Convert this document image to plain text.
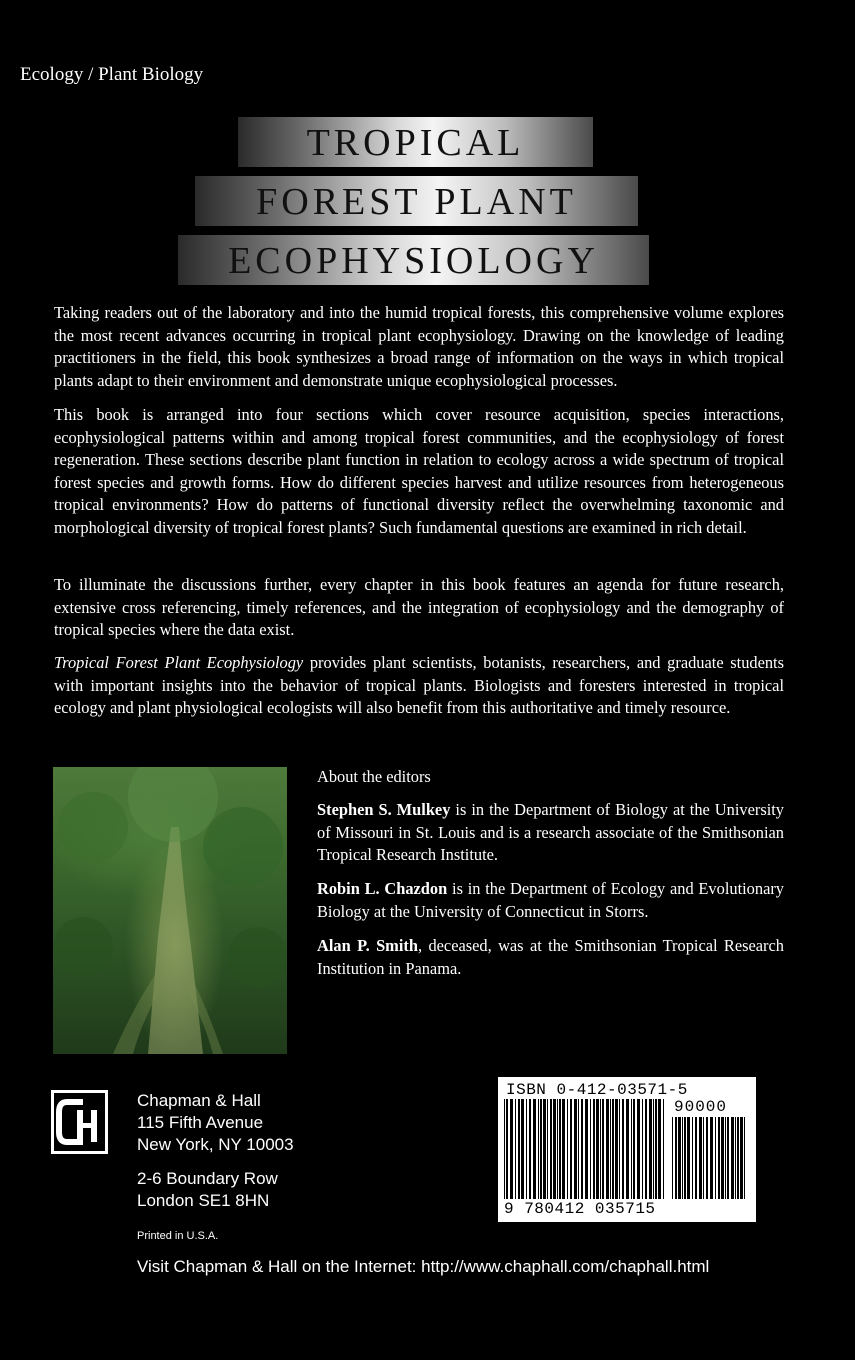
Ecology / Plant Biology
TROPICAL
FOREST PLANT
ECOPHYSIOLOGY

Taking readers out of the laboratory and into the humid tropical forests, this comprehensive volume explores the most recent advances occurring in tropical plant ecophysiology. Drawing on the knowledge of leading practitioners in the field, this book synthesizes a broad range of information on the ways in which tropical plants adapt to their environment and demonstrate unique ecophysiological processes.

This book is arranged into four sections which cover resource acquisition, species interactions, ecophysiological patterns within and among tropical forest communities, and the ecophysiology of forest regeneration. These sections describe plant function in relation to ecology across a wide spectrum of tropical forest species and growth forms. How do different species harvest and utilize resources from heterogeneous tropical environments? How do patterns of functional diversity reflect the overwhelming taxonomic and morphological diversity of tropical forest plants? Such fundamental questions are examined in rich detail.

To illuminate the discussions further, every chapter in this book features an agenda for future research, extensive cross referencing, timely references, and the integration of ecophysiology and the demography of tropical species where the data exist.

Tropical Forest Plant Ecophysiology provides plant scientists, botanists, researchers, and graduate students with important insights into the behavior of tropical plants. Biologists and foresters interested in tropical ecology and plant physiological ecologists will also benefit from this authoritative and timely resource.

About the editors
Stephen S. Mulkey is in the Department of Biology at the University of Missouri in St. Louis and is a research associate of the Smithsonian Tropical Research Institute.
Robin L. Chazdon is in the Department of Ecology and Evolutionary Biology at the University of Connecticut in Storrs.
Alan P. Smith, deceased, was at the Smithsonian Tropical Research Institution in Panama.
Chapman & Hall
115 Fifth Avenue
New York, NY 10003
2-6 Boundary Row
London SE1 8HN
Printed in U.S.A.
Visit Chapman & Hall on the Internet: http://www.chaphall.com/chaphall.html
ISBN 0-412-03571-5
90000
9 780412 035715
